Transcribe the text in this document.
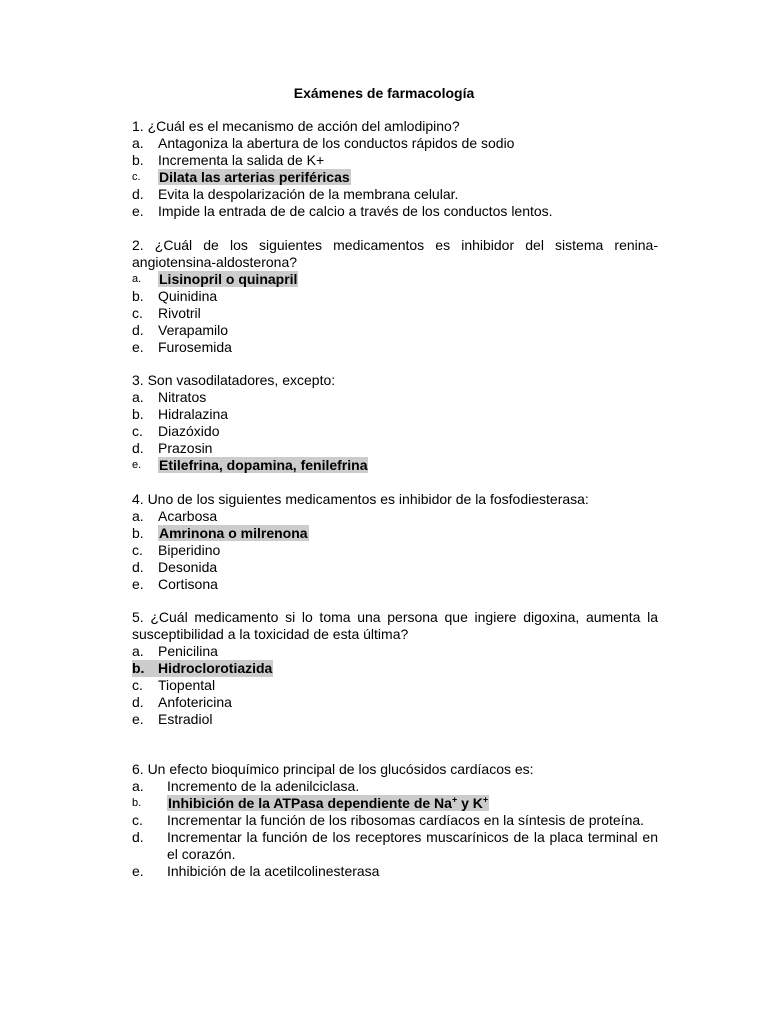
Exámenes de farmacología

1. ¿Cuál es el mecanismo de acción del amlodipino?

a.	Antagoniza la abertura de los conductos rápidos de sodio
b.	Incrementa la salida de K+
c.	Dilata las arterias periféricas
d.	Evita la despolarización de la membrana celular.
e.	Impide la entrada de de calcio a través de los conductos lentos.

2. ¿Cuál de los siguientes medicamentos es inhibidor del sistema renina-angiotensina-aldosterona?

a.	Lisinopril o quinapril
b.	Quinidina
c.	Rivotril
d.	Verapamilo
e.	Furosemida

3. Son vasodilatadores, excepto:

a.	Nitratos
b.	Hidralazina
c.	Diazóxido
d.	Prazosin
e.	Etilefrina, dopamina, fenilefrina

4. Uno de los siguientes medicamentos es inhibidor de la fosfodiesterasa:

a.	Acarbosa
b.	Amrinona o milrenona
c.	Biperidino
d.	Desonida
e.	Cortisona

5. ¿Cuál medicamento si lo toma una persona que ingiere digoxina, aumenta la susceptibilidad a la toxicidad de esta última?

a.	Penicilina
b. Hidroclorotiazida
c.	Tiopental
d.	Anfotericina
e.	Estradiol

6. Un efecto bioquímico principal de los glucósidos cardíacos es:

a.	Incremento de la adenilciclasa.
b.	Inhibición de la ATPasa dependiente de Na+ y K+
c.	Incrementar la función de los ribosomas cardíacos en la síntesis de proteína.
d.	Incrementar la función de los receptores muscarínicos de la placa terminal en el corazón.
e.	Inhibición de la acetilcolinesterasa
